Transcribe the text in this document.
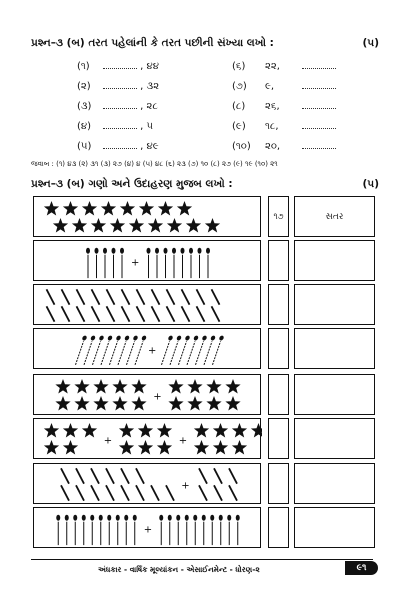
પ્રશ્ન–૩ (બ) તરત પહેલાંની કે તરત પછીની સંખ્યા લખો :	(૫)
(૧)	, ૪૪
(૨)	, ૩૨
(૩)	, ૨૮
(૪)	, ૫
(૫)	, ૪૯
(૬) ૨૨,
(૭) ૯,
(૮) ૨૬,
(૯) ૧૮,
(૧૦) ૨૦,
જવાબ : (૧) ૪૩ (૨) ૩૧ (૩) ૨૭ (૪) ૪ (૫) ૪૮ (૬) ૨૩ (૭) ૧૦ (૮) ૨૭ (૯) ૧૯ (૧૦) ૨૧
પ્રશ્ન–૩ (બ) ગણો અને ઉદાહરણ મુજબ લખો :	(૫)
૧૭	સતર
+
+
+
+	+
+
+
અંધકાર - વાર્ષિક મૂલ્યાંકન - એસાઈનમેન્ટ - ધોરણ-૨	૯૧
